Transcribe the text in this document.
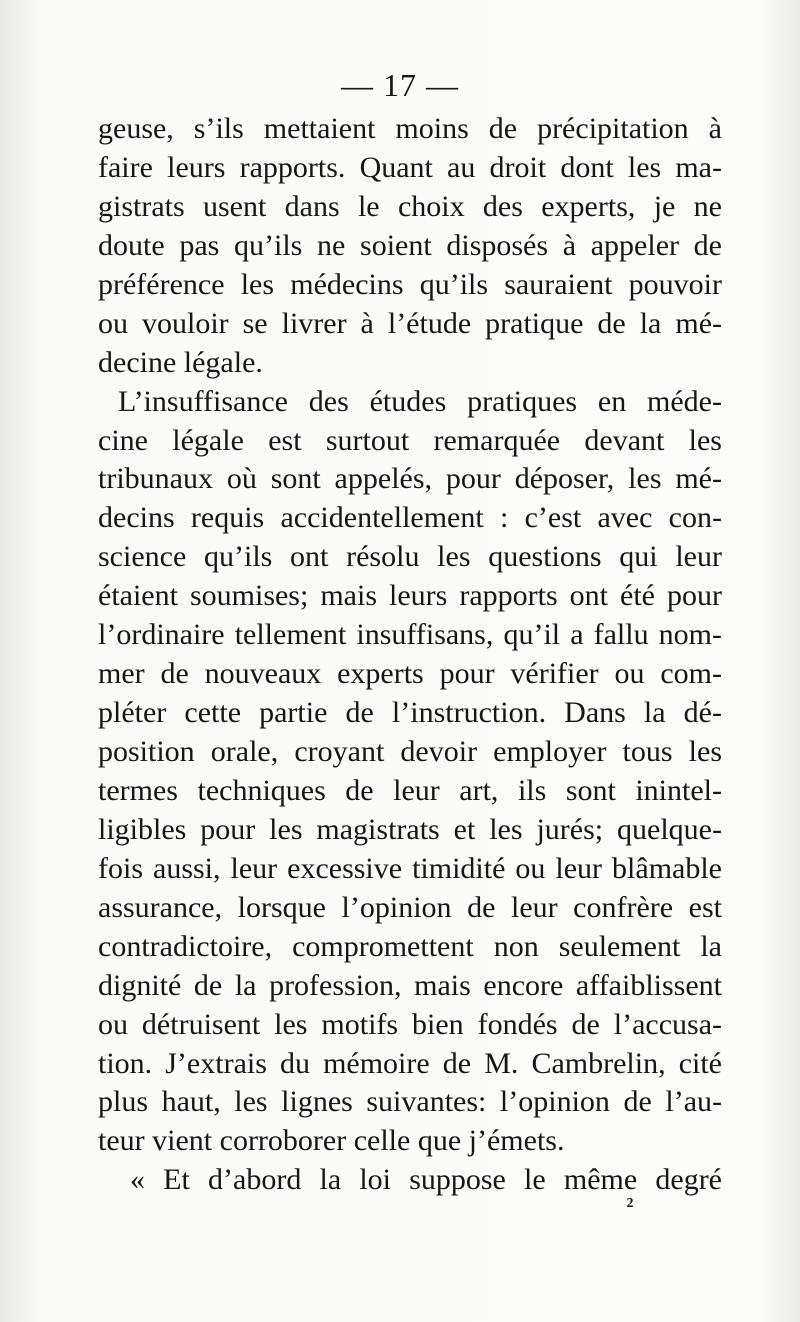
— 17 —
geuse, s’ils mettaient moins de précipitation à
faire leurs rapports. Quant au droit dont les ma-
gistrats usent dans le choix des experts, je ne
doute pas qu’ils ne soient disposés à appeler de
préférence les médecins qu’ils sauraient pouvoir
ou vouloir se livrer à l’étude pratique de la mé-
decine légale.
L’insuffisance des études pratiques en méde-
cine légale est surtout remarquée devant les
tribunaux où sont appelés, pour déposer, les mé-
decins requis accidentellement : c’est avec con-
science qu’ils ont résolu les questions qui leur
étaient soumises; mais leurs rapports ont été pour
l’ordinaire tellement insuffisans, qu’il a fallu nom-
mer de nouveaux experts pour vérifier ou com-
pléter cette partie de l’instruction. Dans la dé-
position orale, croyant devoir employer tous les
termes techniques de leur art, ils sont inintel-
ligibles pour les magistrats et les jurés; quelque-
fois aussi, leur excessive timidité ou leur blâmable
assurance, lorsque l’opinion de leur confrère est
contradictoire, compromettent non seulement la
dignité de la profession, mais encore affaiblissent
ou détruisent les motifs bien fondés de l’accusa-
tion. J’extrais du mémoire de M. Cambrelin, cité
plus haut, les lignes suivantes: l’opinion de l’au-
teur vient corroborer celle que j’émets.
« Et d’abord la loi suppose le même degré
2
